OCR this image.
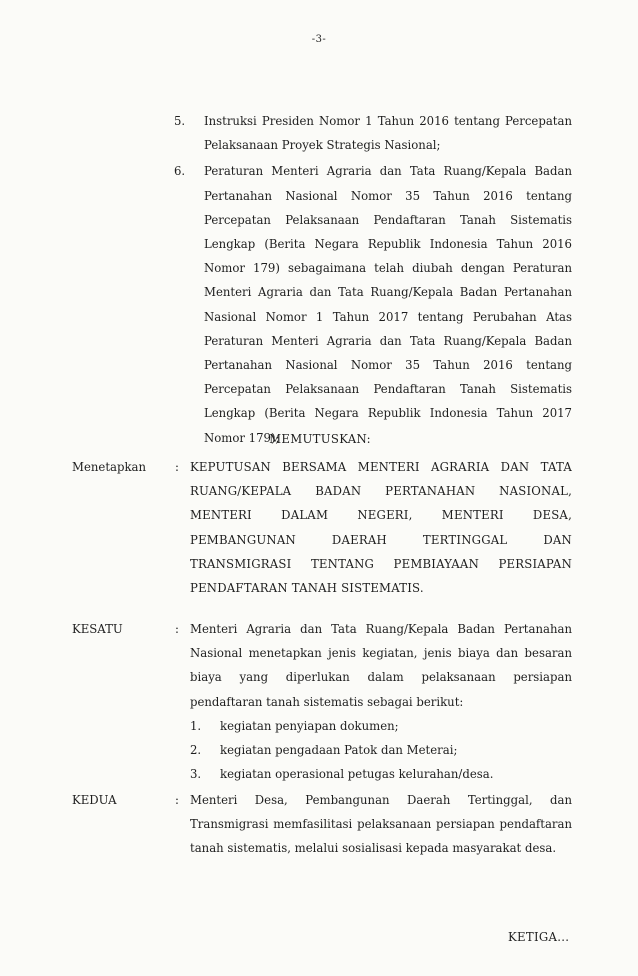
-3-
5. Instruksi Presiden Nomor 1 Tahun 2016 tentang Percepatan Pelaksanaan Proyek Strategis Nasional;
6. Peraturan Menteri Agraria dan Tata Ruang/Kepala Badan Pertanahan Nasional Nomor 35 Tahun 2016 tentang Percepatan Pelaksanaan Pendaftaran Tanah Sistematis Lengkap (Berita Negara Republik Indonesia Tahun 2016 Nomor 179) sebagaimana telah diubah dengan Peraturan Menteri Agraria dan Tata Ruang/Kepala Badan Pertanahan Nasional Nomor 1 Tahun 2017 tentang Perubahan Atas Peraturan Menteri Agraria dan Tata Ruang/Kepala Badan Pertanahan Nasional Nomor 35 Tahun 2016 tentang Percepatan Pelaksanaan Pendaftaran Tanah Sistematis Lengkap (Berita Negara Republik Indonesia Tahun 2017 Nomor 179);
MEMUTUSKAN:
Menetapkan : KEPUTUSAN BERSAMA MENTERI AGRARIA DAN TATA RUANG/KEPALA BADAN PERTANAHAN NASIONAL, MENTERI DALAM NEGERI, MENTERI DESA, PEMBANGUNAN DAERAH TERTINGGAL DAN TRANSMIGRASI TENTANG PEMBIAYAAN PERSIAPAN PENDAFTARAN TANAH SISTEMATIS.
KESATU	: Menteri Agraria dan Tata Ruang/Kepala Badan Pertanahan Nasional menetapkan jenis kegiatan, jenis biaya dan besaran biaya yang diperlukan dalam pelaksanaan persiapan pendaftaran tanah sistematis sebagai berikut:
1. kegiatan penyiapan dokumen;
2. kegiatan pengadaan Patok dan Meterai;
3. kegiatan operasional petugas kelurahan/desa.
KEDUA	: Menteri Desa, Pembangunan Daerah Tertinggal, dan Transmigrasi memfasilitasi pelaksanaan persiapan pendaftaran tanah sistematis, melalui sosialisasi kepada masyarakat desa.
KETIGA...
